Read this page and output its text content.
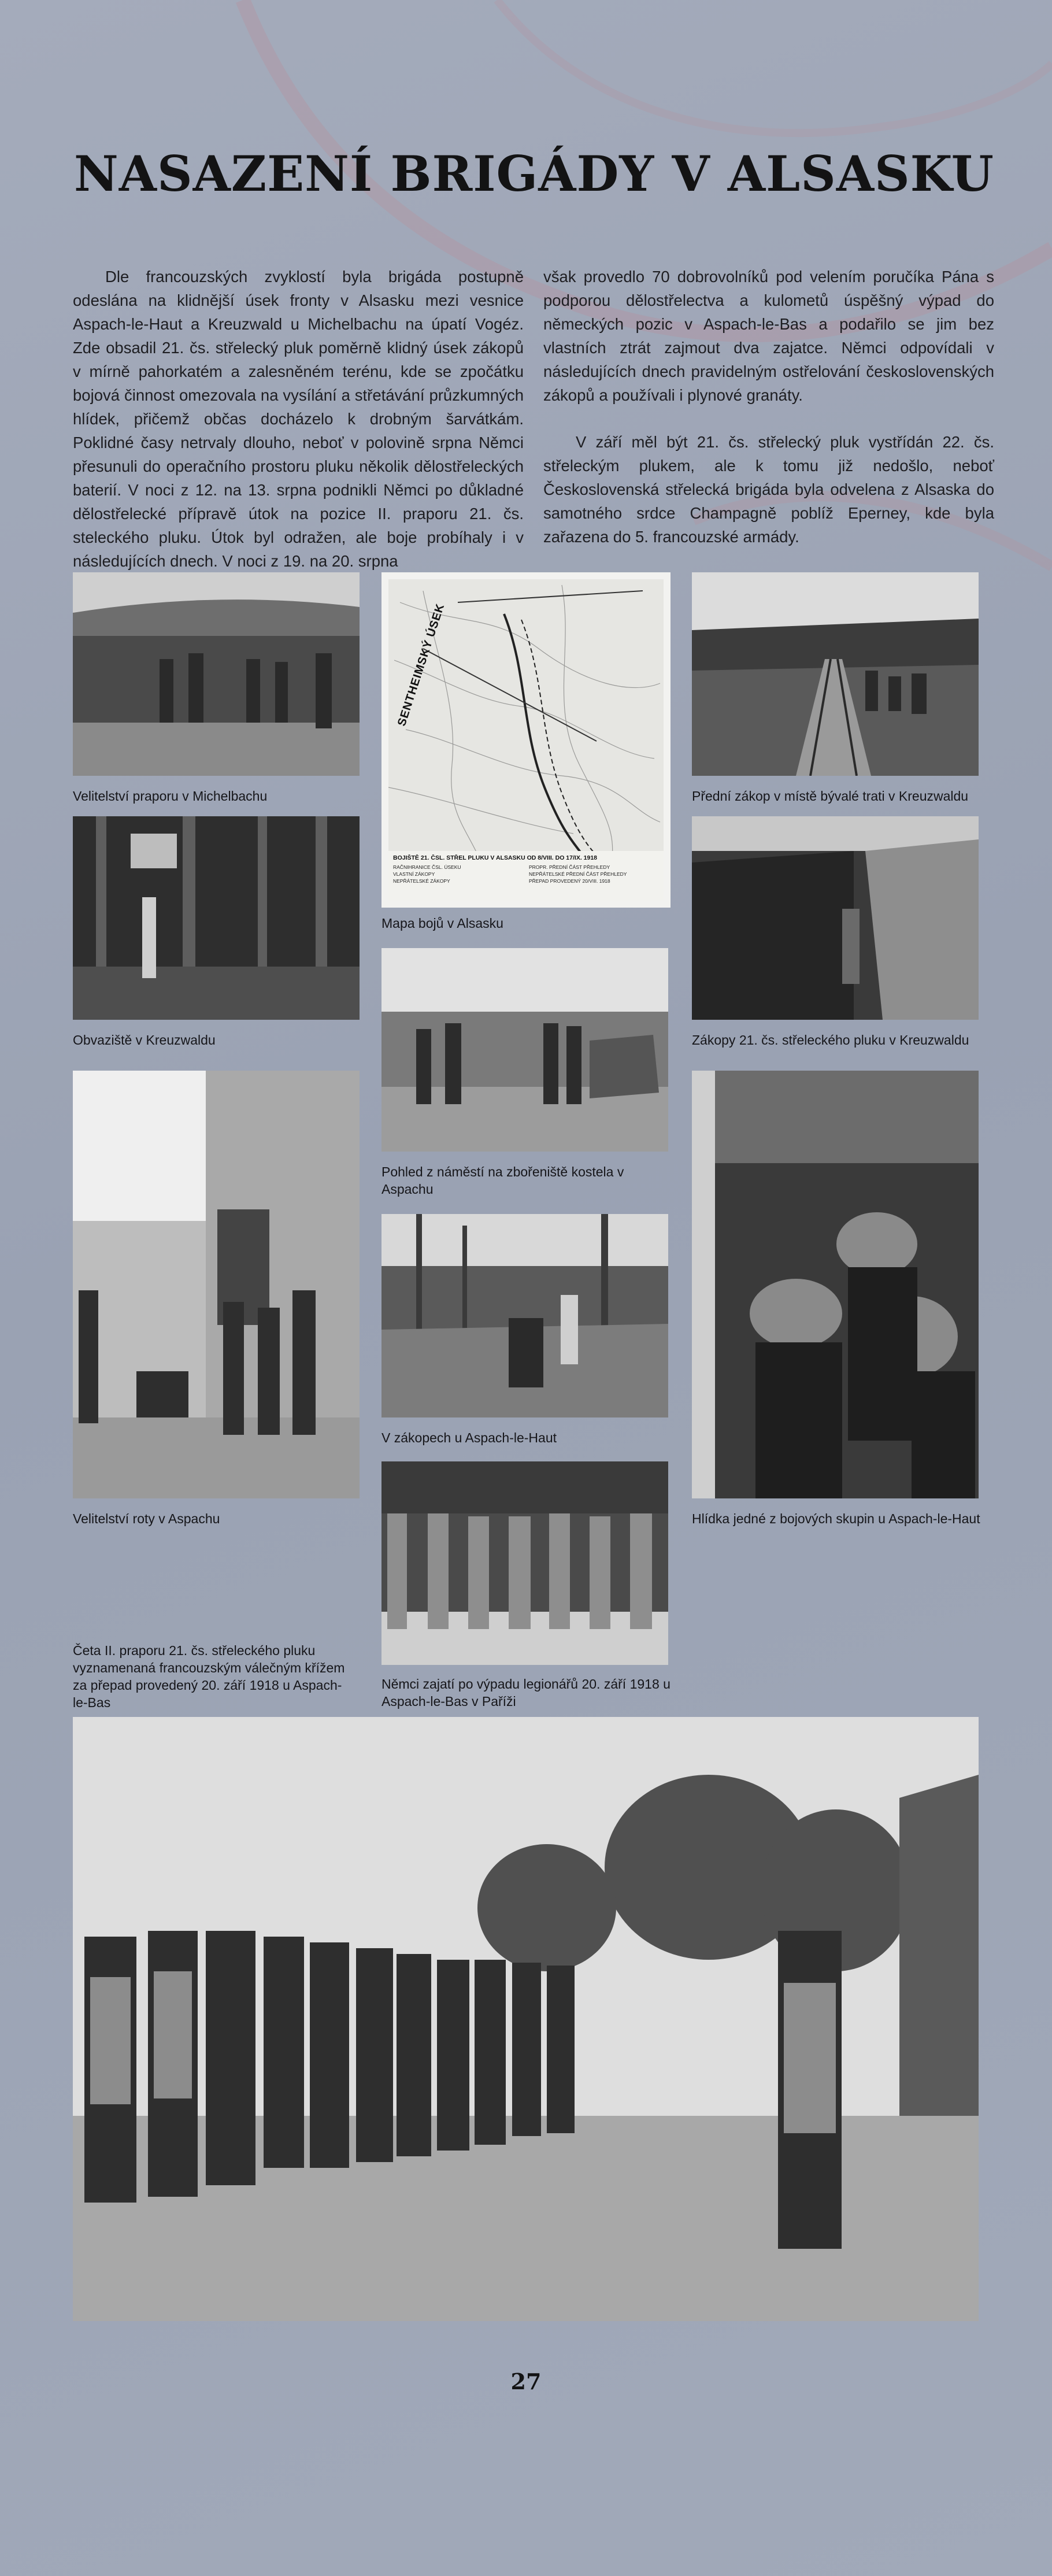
NASAZENÍ BRIGÁDY V ALSASKU

Dle francouzských zvyklostí byla brigáda postupně odeslána na klidnější úsek fronty v Alsasku mezi vesnice Aspach-le-Haut a Kreuzwald u Michelbachu na úpatí Vogéz. Zde obsadil 21. čs. střelecký pluk poměrně klidný úsek zákopů v mírně pahorkatém a zalesněném terénu, kde se zpočátku bojová činnost omezovala na vysílání a střetávání průzkumných hlídek, přičemž občas docházelo k drobným šarvátkám. Poklidné časy netrvaly dlouho, neboť v polovině srpna Němci přesunuli do operačního prostoru pluku několik dělostřeleckých baterií. V noci z 12. na 13. srpna podnikli Němci po důkladné dělostřelecké přípravě útok na pozice II. praporu 21. čs. steleckého pluku. Útok byl odražen, ale boje probíhaly i v následujících dnech. V noci z 19. na 20. srpna

však provedlo 70 dobrovolníků pod velením poručíka Pána s podporou dělostřelectva a kulometů úspěšný výpad do německých pozic v Aspach-le-Bas a podařilo se jim bez vlastních ztrát zajmout dva zajatce. Němci odpovídali v následujících dnech pravidelným ostřelování československých zákopů a používali i plynové granáty.

V září měl být 21. čs. střelecký pluk vystřídán 22. čs. střeleckým plukem, ale k tomu již nedošlo, neboť Československá střelecká brigáda byla odvelena z Alsaska do samotného srdce Champagně poblíž Eperney, kde byla zařazena do 5. francouzské armády.

Velitelství praporu v Michelbachu
SENTHEIMSKÝ ÚSEK
BOJIŠTĚ 21. ČSL. STŘEL PLUKU V ALSASKU OD 8/VIII. DO 17/IX. 1918
RAČNIHRANICE ČSL. ÚSEKU
VLASTNÍ ZÁKOPY
NEPŘÁTELSKÉ ZÁKOPY
PROPR. PŘEDNÍ ČÁST PŘEHLEDY
NEPŘÁTELSKÉ PŘEDNÍ ČÁST PŘEHLEDY
PŘEPAD PROVEDENÝ 20/VIII. 1918
Mapa bojů v Alsasku
Přední zákop v místě bývalé trati v Kreuzwaldu
Obvaziště v Kreuzwaldu	Zákopy 21. čs. střeleckého pluku v Kreuzwaldu
Pohled z náměstí na zbořeniště kostela v Aspachu
Velitelství roty v Aspachu
V zákopech u Aspach-le-Haut
Hlídka jedné z bojových skupin u Aspach-le-Haut
Němci zajatí po výpadu legionářů 20. září 1918 u Aspach-le-Bas v Paříži
Četa II. praporu 21. čs. střeleckého pluku vyznamenaná francouzským válečným křížem za přepad provedený 20. září 1918 u Aspach-le-Bas
27
